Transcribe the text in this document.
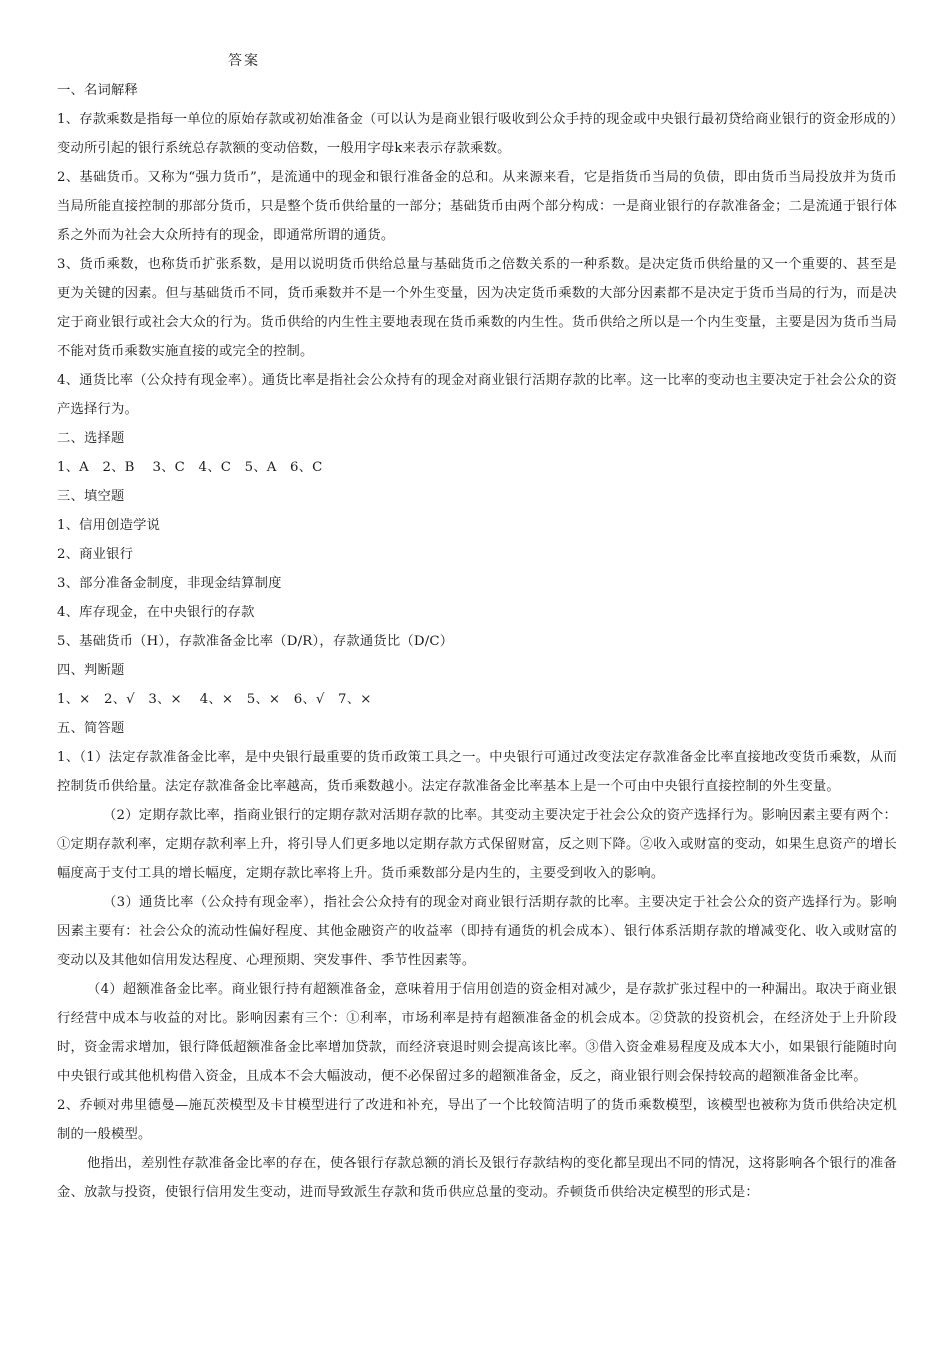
答案

一、名词解释

1、存款乘数是指每一单位的原始存款或初始准备金（可以认为是商业银行吸收到公众手持的现金或中央银行最初贷给商业银行的资金形成的）变动所引起的银行系统总存款额的变动倍数，一般用字母k来表示存款乘数。

2、基础货币。又称为“强力货币”，是流通中的现金和银行准备金的总和。从来源来看，它是指货币当局的负债，即由货币当局投放并为货币当局所能直接控制的那部分货币，只是整个货币供给量的一部分；基础货币由两个部分构成：一是商业银行的存款准备金；二是流通于银行体系之外而为社会大众所持有的现金，即通常所谓的通货。

3、货币乘数，也称货币扩张系数，是用以说明货币供给总量与基础货币之倍数关系的一种系数。是决定货币供给量的又一个重要的、甚至是更为关键的因素。但与基础货币不同，货币乘数并不是一个外生变量，因为决定货币乘数的大部分因素都不是决定于货币当局的行为，而是决定于商业银行或社会大众的行为。货币供给的内生性主要地表现在货币乘数的内生性。货币供给之所以是一个内生变量，主要是因为货币当局不能对货币乘数实施直接的或完全的控制。

4、通货比率（公众持有现金率）。通货比率是指社会公众持有的现金对商业银行活期存款的比率。这一比率的变动也主要决定于社会公众的资产选择行为。

二、选择题

1、A　2、B　 3、C　4、C　5、A　6、C

三、填空题

1、信用创造学说

2、商业银行

3、部分准备金制度，非现金结算制度

4、库存现金，在中央银行的存款

5、基础货币（H），存款准备金比率（D/R），存款通货比（D/C）

四、判断题

1、×　2、√　3、×　 4、×　5、×　6、√　7、×

五、简答题

1、（1）法定存款准备金比率，是中央银行最重要的货币政策工具之一。中央银行可通过改变法定存款准备金比率直接地改变货币乘数，从而控制货币供给量。法定存款准备金比率越高，货币乘数越小。法定存款准备金比率基本上是一个可由中央银行直接控制的外生变量。

（2）定期存款比率，指商业银行的定期存款对活期存款的比率。其变动主要决定于社会公众的资产选择行为。影响因素主要有两个：①定期存款利率，定期存款利率上升，将引导人们更多地以定期存款方式保留财富，反之则下降。②收入或财富的变动，如果生息资产的增长幅度高于支付工具的增长幅度，定期存款比率将上升。货币乘数部分是内生的，主要受到收入的影响。

（3）通货比率（公众持有现金率），指社会公众持有的现金对商业银行活期存款的比率。主要决定于社会公众的资产选择行为。影响因素主要有：社会公众的流动性偏好程度、其他金融资产的收益率（即持有通货的机会成本）、银行体系活期存款的增减变化、收入或财富的变动以及其他如信用发达程度、心理预期、突发事件、季节性因素等。

（4）超额准备金比率。商业银行持有超额准备金，意味着用于信用创造的资金相对减少，是存款扩张过程中的一种漏出。取决于商业银行经营中成本与收益的对比。影响因素有三个：①利率，市场利率是持有超额准备金的机会成本。②贷款的投资机会，在经济处于上升阶段时，资金需求增加，银行降低超额准备金比率增加贷款，而经济衰退时则会提高该比率。③借入资金难易程度及成本大小，如果银行能随时向中央银行或其他机构借入资金，且成本不会大幅波动，便不必保留过多的超额准备金，反之，商业银行则会保持较高的超额准备金比率。

2、乔顿对弗里德曼—施瓦茨模型及卡甘模型进行了改进和补充，导出了一个比较简洁明了的货币乘数模型，该模型也被称为货币供给决定机制的一般模型。

他指出，差别性存款准备金比率的存在，使各银行存款总额的消长及银行存款结构的变化都呈现出不同的情况，这将影响各个银行的准备金、放款与投资，使银行信用发生变动，进而导致派生存款和货币供应总量的变动。乔顿货币供给决定模型的形式是：
